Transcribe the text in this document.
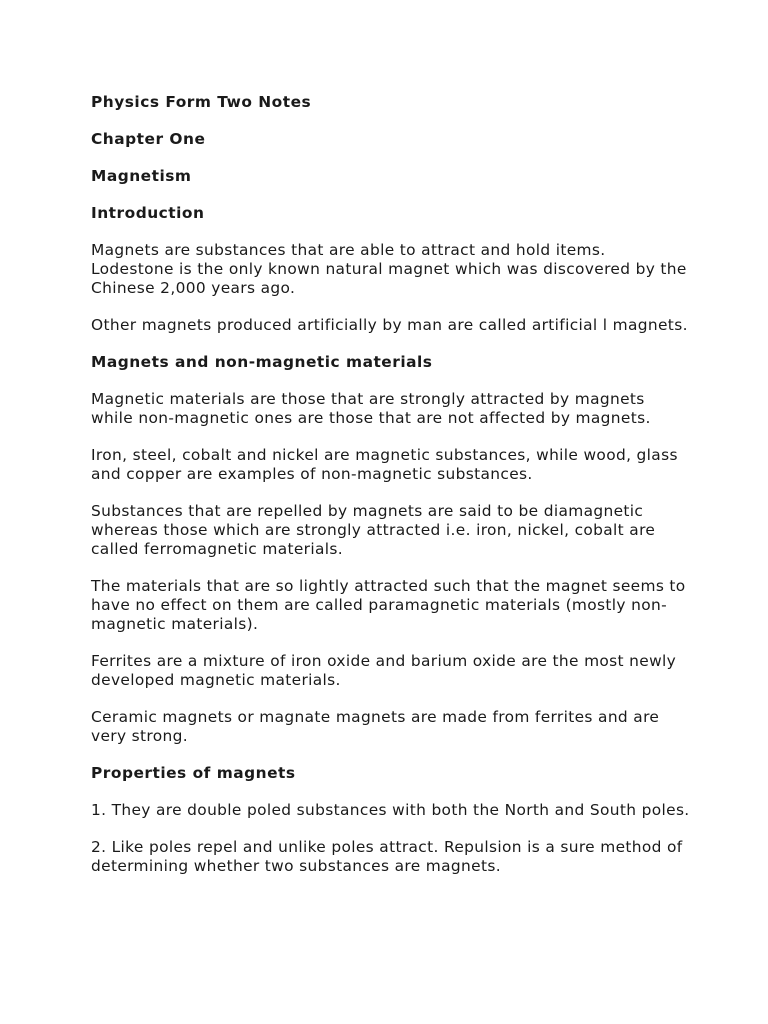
Physics Form Two Notes

Chapter One

Magnetism

Introduction

Magnets are substances that are able to attract and hold items. Lodestone is the only known natural magnet which was discovered by the Chinese 2,000 years ago.

Other magnets produced artificially by man are called artificial l magnets.

Magnets and non-magnetic materials

Magnetic materials are those that are strongly attracted by magnets while non-magnetic ones are those that are not affected by magnets.

Iron, steel, cobalt and nickel are magnetic substances, while wood, glass and copper are examples of non-magnetic substances.

Substances that are repelled by magnets are said to be diamagnetic whereas those which are strongly attracted i.e. iron, nickel, cobalt are called ferromagnetic materials.

The materials that are so lightly attracted such that the magnet seems to have no effect on them are called paramagnetic materials (mostly non-magnetic materials).

Ferrites are a mixture of iron oxide and barium oxide are the most newly developed magnetic materials.

Ceramic magnets or magnate magnets are made from ferrites and are very strong.

Properties of magnets

1. They are double poled substances with both the North and South poles.

2. Like poles repel and unlike poles attract. Repulsion is a sure method of determining whether two substances are magnets.
